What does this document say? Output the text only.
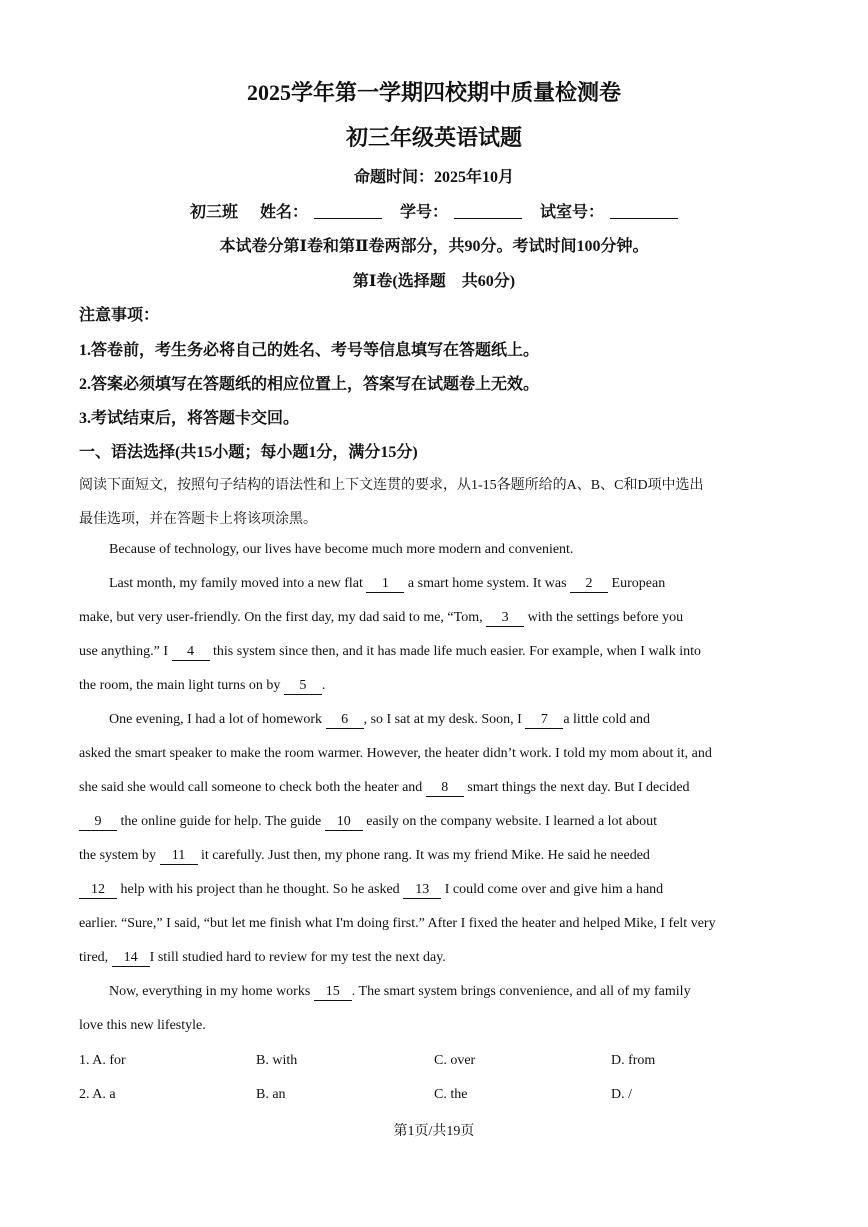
2025学年第一学期四校期中质量检测卷
初三年级英语试题
命题时间：2025年10月
初三班 姓名：	学号：	试室号：
本试卷分第Ⅰ卷和第Ⅱ卷两部分，共90分。考试时间100分钟。
第Ⅰ卷(选择题　共60分)
注意事项：
1.答卷前，考生务必将自己的姓名、考号等信息填写在答题纸上。
2.答案必须填写在答题纸的相应位置上，答案写在试题卷上无效。
3.考试结束后，将答题卡交回。
一、语法选择(共15小题；每小题1分，满分15分)
阅读下面短文，按照句子结构的语法性和上下文连贯的要求，从1-15各题所给的A、B、C和D项中选出
最佳选项，并在答题卡上将该项涂黑。
Because of technology, our lives have become much more modern and convenient.
Last month, my family moved into a new flat 1 a smart home system. It was 2 European
make, but very user-friendly. On the first day, my dad said to me, “Tom, 3 with the settings before you
use anything.” I 4 this system since then, and it has made life much easier. For example, when I walk into
the room, the main light turns on by 5 .
One evening, I had a lot of homework 6 , so I sat at my desk. Soon, I 7 a little cold and
asked the smart speaker to make the room warmer. However, the heater didn’t work. I told my mom about it, and
she said she would call someone to check both the heater and 8 smart things the next day. But I decided
9 the online guide for help. The guide 10 easily on the company website. I learned a lot about
the system by 11 it carefully. Just then, my phone rang. It was my friend Mike. He said he needed
12 help with his project than he thought. So he asked 13 I could come over and give him a hand
earlier. “Sure,” I said, “but let me finish what I'm doing first.” After I fixed the heater and helped Mike, I felt very
tired, 14 I still studied hard to review for my test the next day.
Now, everything in my home works 15 . The smart system brings convenience, and all of my family
love this new lifestyle.
1. A. for	B. with	C. over	D. from
2. A. a	B. an	C. the	D. /
第1页/共19页
